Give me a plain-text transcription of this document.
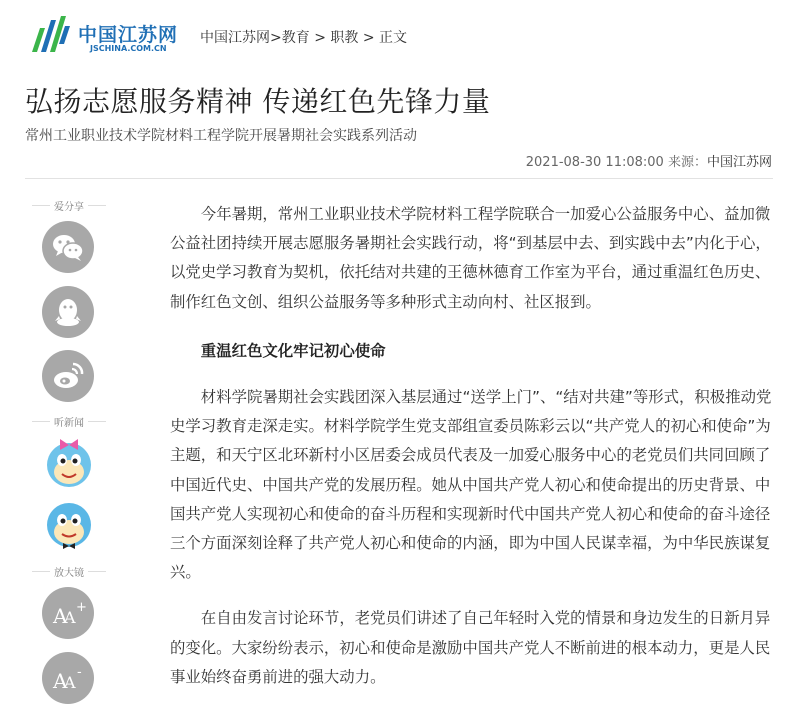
中国江苏网
JSCHINA.COM.CN
中国江苏网>教育 > 职教 > 正文
弘扬志愿服务精神 传递红色先锋力量
常州工业职业技术学院材料工程学院开展暑期社会实践系列活动
2021-08-30 11:08:00 来源：中国江苏网
爱分享
听新闻
放大镜
A
A
+
A
A
-

今年暑期，常州工业职业技术学院材料工程学院联合一加爱心公益服务中心、益加微公益社团持续开展志愿服务暑期社会实践行动，将“到基层中去、到实践中去”内化于心，以党史学习教育为契机，依托结对共建的王德林德育工作室为平台，通过重温红色历史、制作红色文创、组织公益服务等多种形式主动向村、社区报到。

重温红色文化牢记初心使命

材料学院暑期社会实践团深入基层通过“送学上门”、“结对共建”等形式，积极推动党史学习教育走深走实。材料学院学生党支部组宣委员陈彩云以“共产党人的初心和使命”为主题，和天宁区北环新村小区居委会成员代表及一加爱心服务中心的老党员们共同回顾了中国近代史、中国共产党的发展历程。她从中国共产党人初心和使命提出的历史背景、中国共产党人实现初心和使命的奋斗历程和实现新时代中国共产党人初心和使命的奋斗途径三个方面深刻诠释了共产党人初心和使命的内涵，即为中国人民谋幸福，为中华民族谋复兴。

在自由发言讨论环节，老党员们讲述了自己年轻时入党的情景和身边发生的日新月异的变化。大家纷纷表示，初心和使命是激励中国共产党人不断前进的根本动力，更是人民事业始终奋勇前进的强大动力。
